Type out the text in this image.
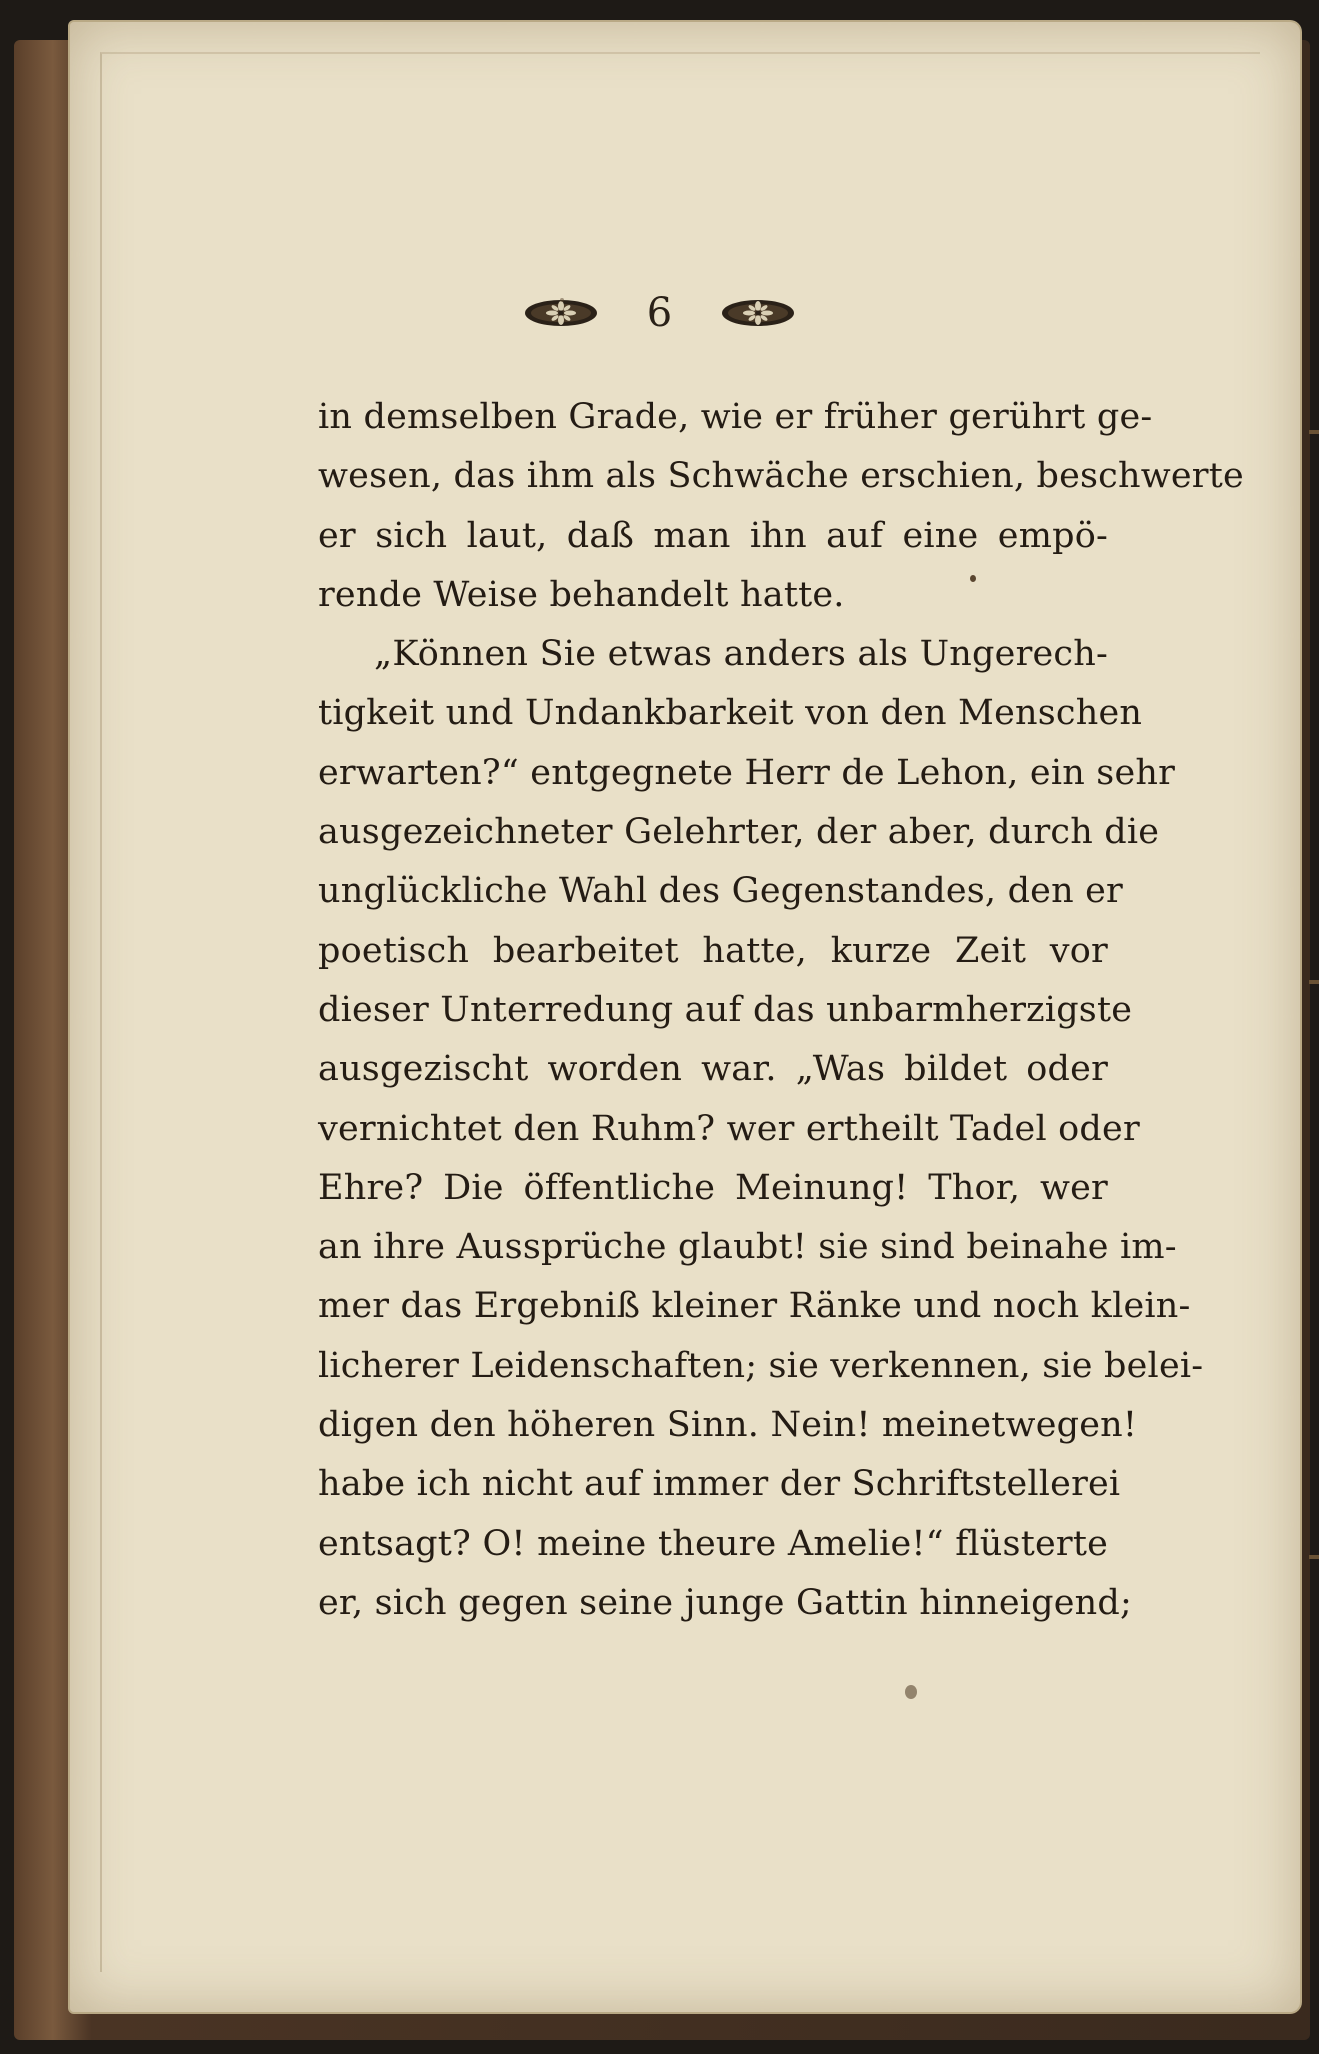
6
in demselben Grade, wie er früher gerührt ge-
wesen, das ihm als Schwäche erschien, beschwerte
er sich laut, daß man ihn auf eine empö-
rende Weise behandelt hatte.
„Können Sie etwas anders als Ungerech-
tigkeit und Undankbarkeit von den Menschen
erwarten?“ entgegnete Herr de Lehon, ein sehr
ausgezeichneter Gelehrter, der aber, durch die
unglückliche Wahl des Gegenstandes, den er
poetisch bearbeitet hatte, kurze Zeit vor
dieser Unterredung auf das unbarmherzigste
ausgezischt worden war. „Was bildet oder
vernichtet den Ruhm? wer ertheilt Tadel oder
Ehre? Die öffentliche Meinung! Thor, wer
an ihre Aussprüche glaubt! sie sind beinahe im-
mer das Ergebniß kleiner Ränke und noch klein-
licherer Leidenschaften; sie verkennen, sie belei-
digen den höheren Sinn. Nein! meinetwegen!
habe ich nicht auf immer der Schriftstellerei
entsagt? O! meine theure Amelie!“ flüsterte
er, sich gegen seine junge Gattin hinneigend;
